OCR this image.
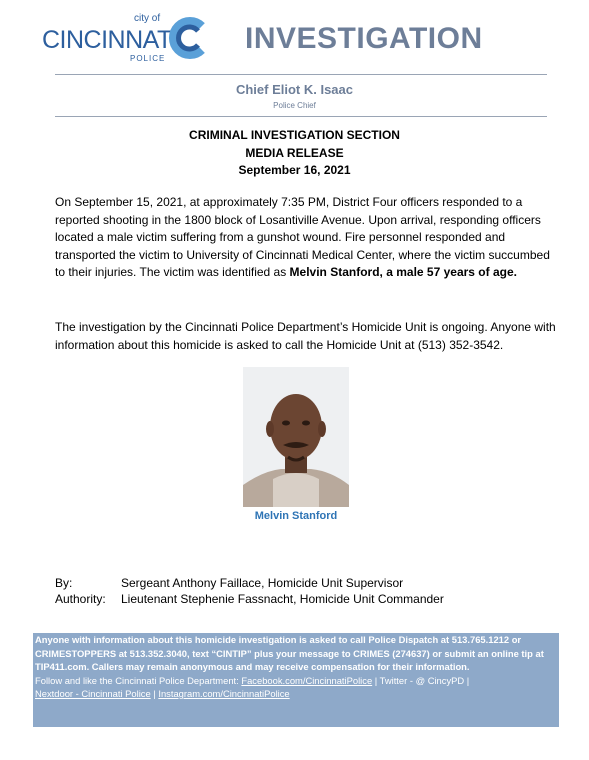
city of
CINCINNATI
POLICE
INVESTIGATION
Chief Eliot K. Isaac
Police Chief
CRIMINAL INVESTIGATION SECTION
MEDIA RELEASE
September 16, 2021
On September 15, 2021, at approximately 7:35 PM, District Four officers responded to a reported shooting in the 1800 block of Losantiville Avenue. Upon arrival, responding officers located a male victim suffering from a gunshot wound. Fire personnel responded and transported the victim to University of Cincinnati Medical Center, where the victim succumbed to their injuries. The victim was identified as Melvin Stanford, a male 57 years of age.
The investigation by the Cincinnati Police Department’s Homicide Unit is ongoing. Anyone with information about this homicide is asked to call the Homicide Unit at (513) 352-3542.
Melvin Stanford
By:	Sergeant Anthony Faillace, Homicide Unit Supervisor
Authority: Lieutenant Stephenie Fassnacht, Homicide Unit Commander
Anyone with information about this homicide investigation is asked to call Police Dispatch at 513.765.1212 or CRIMESTOPPERS at 513.352.3040, text “CINTIP” plus your message to CRIMES (274637) or submit an online tip at TIP411.com. Callers may remain anonymous and may receive compensation for their information.
Follow and like the Cincinnati Police Department: Facebook.com/CincinnatiPolice | Twitter - @ CincyPD |
Nextdoor - Cincinnati Police | Instagram.com/CincinnatiPolice
